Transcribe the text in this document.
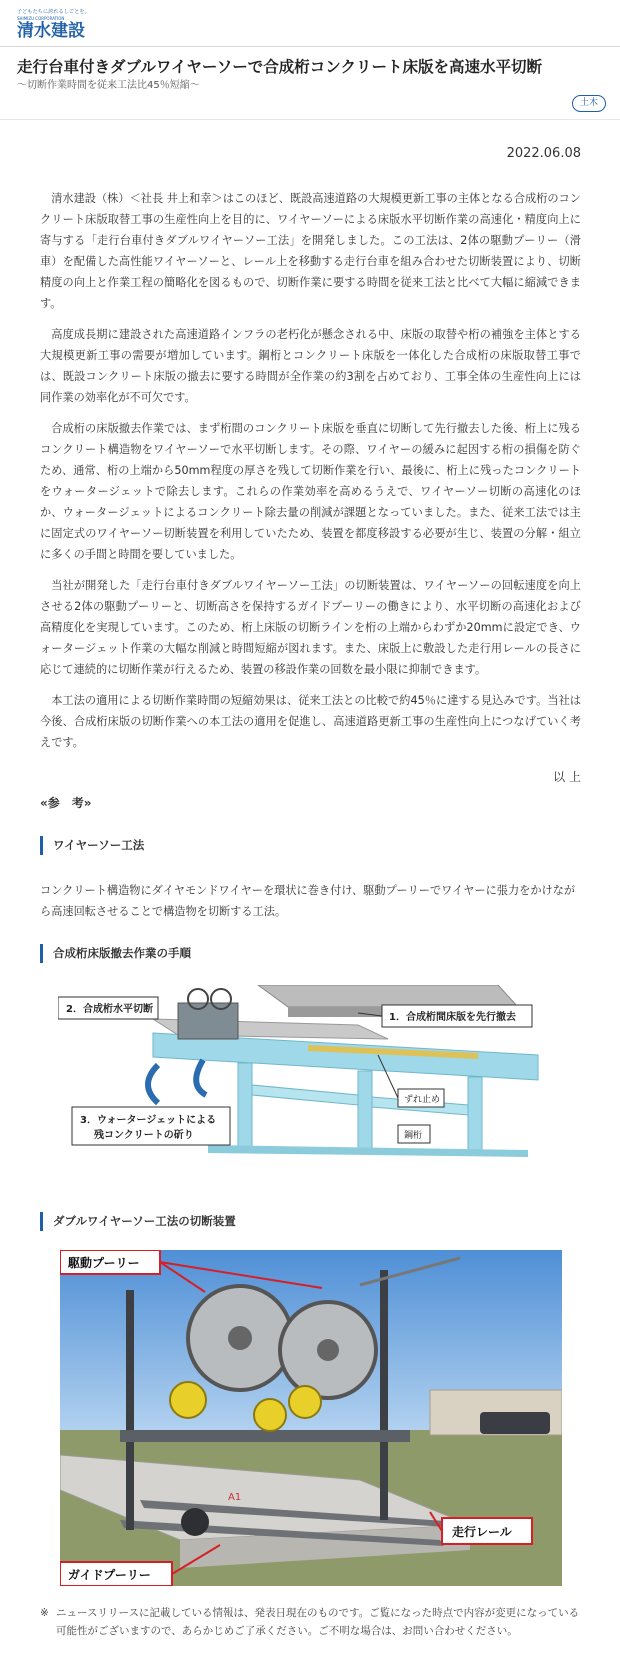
子どもたちに誇れるしごとを。
SHIMIZU CORPORATION
清水建設
走行台車付きダブルワイヤーソーで合成桁コンクリート床版を高速水平切断
～切断作業時間を従来工法比45％短縮～
土木
2022.06.08

清水建設（株）＜社長 井上和幸＞はこのほど、既設高速道路の大規模更新工事の主体となる合成桁のコンクリート床版取替工事の生産性向上を目的に、ワイヤーソーによる床版水平切断作業の高速化・精度向上に寄与する「走行台車付きダブルワイヤーソー工法」を開発しました。この工法は、2体の駆動プーリー（滑車）を配備した高性能ワイヤーソーと、レール上を移動する走行台車を組み合わせた切断装置により、切断精度の向上と作業工程の簡略化を図るもので、切断作業に要する時間を従来工法と比べて大幅に縮減できます。

高度成長期に建設された高速道路インフラの老朽化が懸念される中、床版の取替や桁の補強を主体とする大規模更新工事の需要が増加しています。鋼桁とコンクリート床版を一体化した合成桁の床版取替工事では、既設コンクリート床版の撤去に要する時間が全作業の約3割を占めており、工事全体の生産性向上には同作業の効率化が不可欠です。

合成桁の床版撤去作業では、まず桁間のコンクリート床版を垂直に切断して先行撤去した後、桁上に残るコンクリート構造物をワイヤーソーで水平切断します。その際、ワイヤーの緩みに起因する桁の損傷を防ぐため、通常、桁の上端から50mm程度の厚さを残して切断作業を行い、最後に、桁上に残ったコンクリートをウォータージェットで除去します。これらの作業効率を高めるうえで、ワイヤーソー切断の高速化のほか、ウォータージェットによるコンクリート除去量の削減が課題となっていました。また、従来工法では主に固定式のワイヤーソー切断装置を利用していたため、装置を都度移設する必要が生じ、装置の分解・組立に多くの手間と時間を要していました。

当社が開発した「走行台車付きダブルワイヤーソー工法」の切断装置は、ワイヤーソーの回転速度を向上させる2体の駆動プーリーと、切断高さを保持するガイドプーリーの働きにより、水平切断の高速化および高精度化を実現しています。このため、桁上床版の切断ラインを桁の上端からわずか20mmに設定でき、ウォータージェット作業の大幅な削減と時間短縮が図れます。また、床版上に敷設した走行用レールの長さに応じて連続的に切断作業が行えるため、装置の移設作業の回数を最小限に抑制できます。

本工法の適用による切断作業時間の短縮効果は、従来工法との比較で約45％に達する見込みです。当社は今後、合成桁床版の切断作業への本工法の適用を促進し、高速道路更新工事の生産性向上につなげていく考えです。

以 上
«参　考»
ワイヤーソー工法
コンクリート構造物にダイヤモンドワイヤーを環状に巻き付け、駆動プーリーでワイヤーに張力をかけながら高速回転させることで構造物を切断する工法。
合成桁床版撤去作業の手順
2．合成桁水平切断
1．合成桁間床版を先行撤去
3．ウォータージェットによる
残コンクリートの斫り
ずれ止め
鋼桁
ダブルワイヤーソー工法の切断装置
A1
駆動プーリー
ガイドプーリー
走行レール
※ ニュースリリースに記載している情報は、発表日現在のものです。ご覧になった時点で内容が変更になっている可能性がございますので、あらかじめご了承ください。ご不明な場合は、お問い合わせください。
